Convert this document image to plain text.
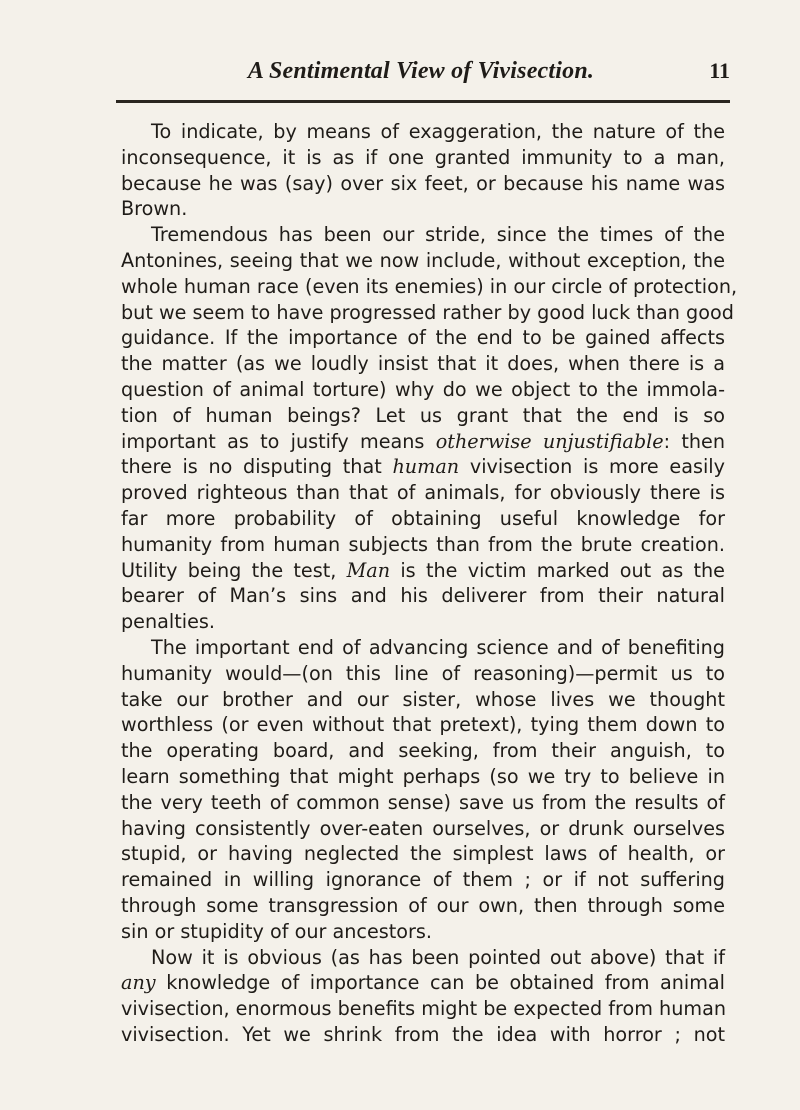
A Sentimental View of Vivisection.	11
To indicate, by means of exaggeration, the nature of the
inconsequence, it is as if one granted immunity to a man,
because he was (say) over six feet, or because his name was
Brown.
Tremendous has been our stride, since the times of the
Antonines, seeing that we now include, without exception, the
whole human race (even its enemies) in our circle of protection,
but we seem to have progressed rather by good luck than good
guidance. If the importance of the end to be gained affects
the matter (as we loudly insist that it does, when there is a
question of animal torture) why do we object to the immola-
tion of human beings? Let us grant that the end is so
important as to justify means otherwise unjustifiable: then
there is no disputing that human vivisection is more easily
proved righteous than that of animals, for obviously there is
far more probability of obtaining useful knowledge for
humanity from human subjects than from the brute creation.
Utility being the test, Man is the victim marked out as the
bearer of Man’s sins and his deliverer from their natural
penalties.
The important end of advancing science and of benefiting
humanity would—(on this line of reasoning)—permit us to
take our brother and our sister, whose lives we thought
worthless (or even without that pretext), tying them down to
the operating board, and seeking, from their anguish, to
learn something that might perhaps (so we try to believe in
the very teeth of common sense) save us from the results of
having consistently over-eaten ourselves, or drunk ourselves
stupid, or having neglected the simplest laws of health, or
remained in willing ignorance of them ; or if not suffering
through some transgression of our own, then through some
sin or stupidity of our ancestors.
Now it is obvious (as has been pointed out above) that if
any knowledge of importance can be obtained from animal
vivisection, enormous benefits might be expected from human
vivisection. Yet we shrink from the idea with horror ; not
